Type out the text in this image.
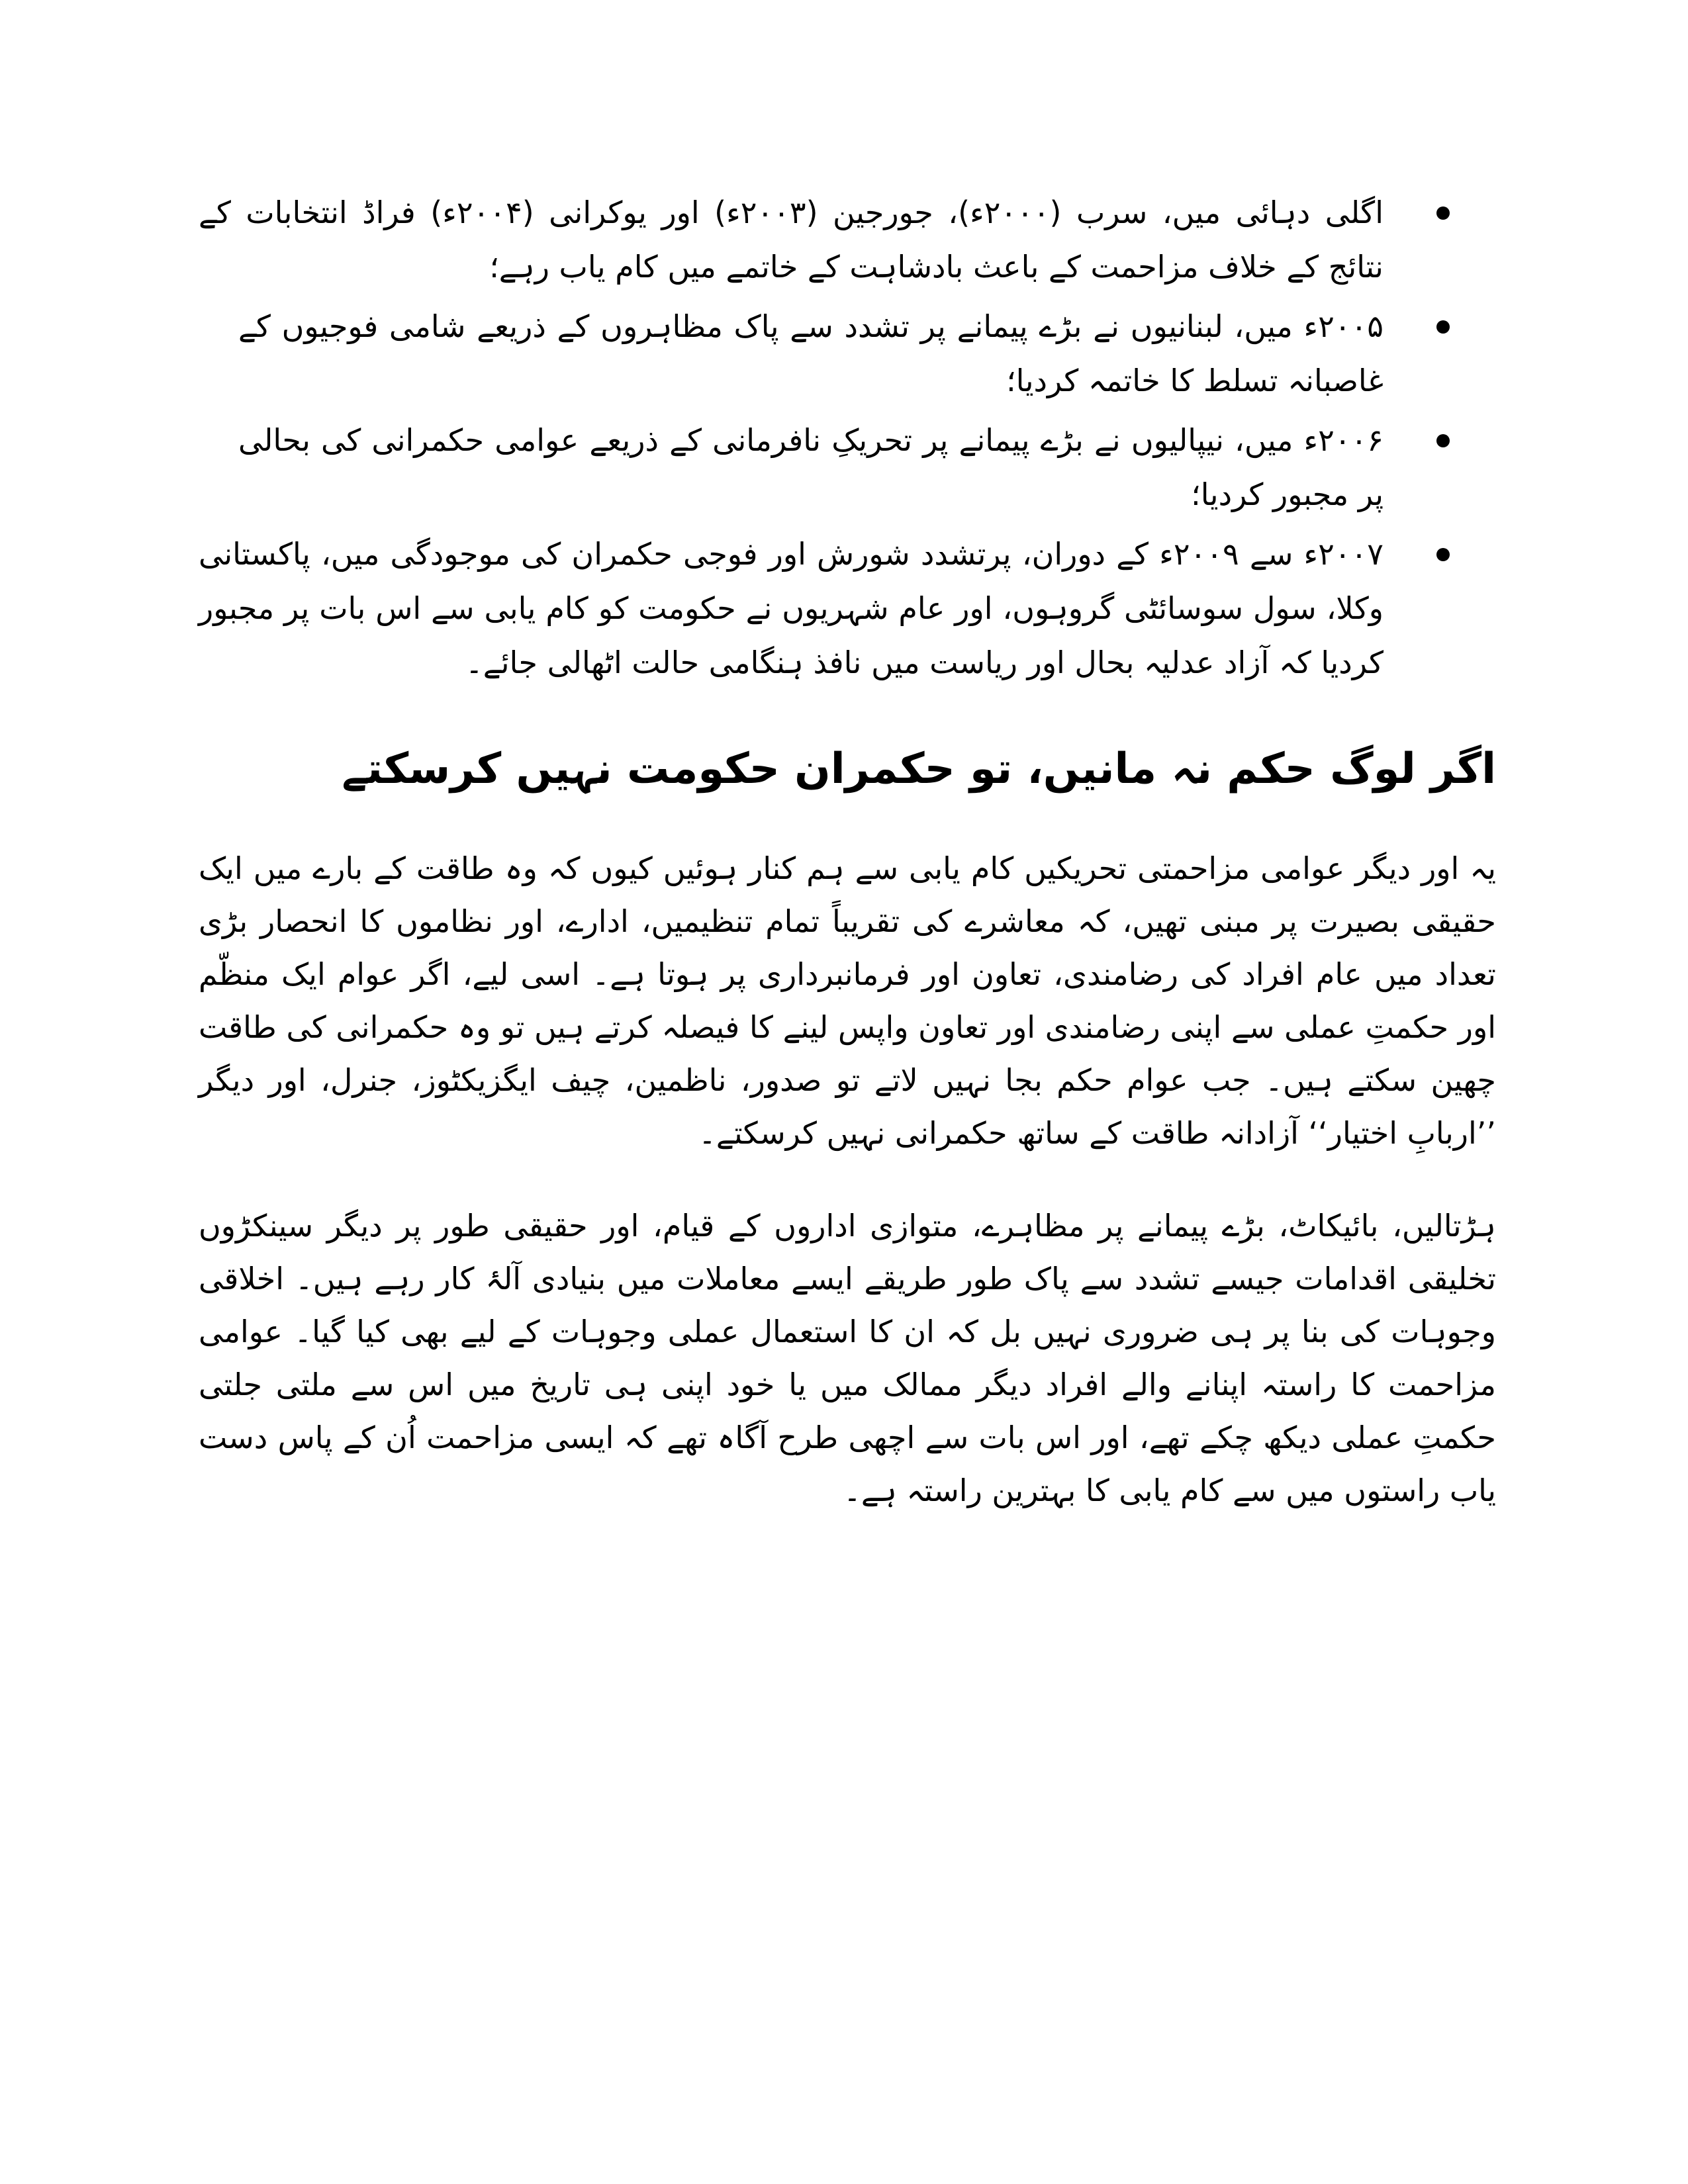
اگلی دہائی میں، سرب (۲۰۰۰ء)، جورجین (۲۰۰۳ء) اور یوکرانی (۲۰۰۴ء) فراڈ انتخابات کے نتائج کے خلاف مزاحمت کے باعث بادشاہت کے خاتمے میں کام یاب رہے؛
۲۰۰۵ء میں، لبنانیوں نے بڑے پیمانے پر تشدد سے پاک مظاہروں کے ذریعے شامی فوجیوں کے غاصبانہ تسلط کا خاتمہ کردیا؛
۲۰۰۶ء میں، نیپالیوں نے بڑے پیمانے پر تحریکِ نافرمانی کے ذریعے عوامی حکمرانی کی بحالی پر مجبور کردیا؛
۲۰۰۷ء سے ۲۰۰۹ء کے دوران، پرتشدد شورش اور فوجی حکمران کی موجودگی میں، پاکستانی وکلا، سول سوسائٹی گروہوں، اور عام شہریوں نے حکومت کو کام یابی سے اس بات پر مجبور کردیا کہ آزاد عدلیہ بحال اور ریاست میں نافذ ہنگامی حالت اٹھالی جائے۔
اگر لوگ حکم نہ مانیں، تو حکمران حکومت نہیں کرسکتے

یہ اور دیگر عوامی مزاحمتی تحریکیں کام یابی سے ہم کنار ہوئیں کیوں کہ وہ طاقت کے بارے میں ایک حقیقی بصیرت پر مبنی تھیں، کہ معاشرے کی تقریباً تمام تنظیمیں، ادارے، اور نظاموں کا انحصار بڑی تعداد میں عام افراد کی رضامندی، تعاون اور فرمانبرداری پر ہوتا ہے۔ اسی لیے، اگر عوام ایک منظّم اور حکمتِ عملی سے اپنی رضامندی اور تعاون واپس لینے کا فیصلہ کرتے ہیں تو وہ حکمرانی کی طاقت چھین سکتے ہیں۔ جب عوام حکم بجا نہیں لاتے تو صدور، ناظمین، چیف ایگزیکٹوز، جنرل، اور دیگر ’’اربابِ اختیار‘‘ آزادانہ طاقت کے ساتھ حکمرانی نہیں کرسکتے۔

ہڑتالیں، بائیکاٹ، بڑے پیمانے پر مظاہرے، متوازی اداروں کے قیام، اور حقیقی طور پر دیگر سینکڑوں تخلیقی اقدامات جیسے تشدد سے پاک طور طریقے ایسے معاملات میں بنیادی آلۂ کار رہے ہیں۔ اخلاقی وجوہات کی بنا پر ہی ضروری نہیں بل کہ ان کا استعمال عملی وجوہات کے لیے بھی کیا گیا۔ عوامی مزاحمت کا راستہ اپنانے والے افراد دیگر ممالک میں یا خود اپنی ہی تاریخ میں اس سے ملتی جلتی حکمتِ عملی دیکھ چکے تھے، اور اس بات سے اچھی طرح آگاہ تھے کہ ایسی مزاحمت اُن کے پاس دست یاب راستوں میں سے کام یابی کا بہترین راستہ ہے۔
